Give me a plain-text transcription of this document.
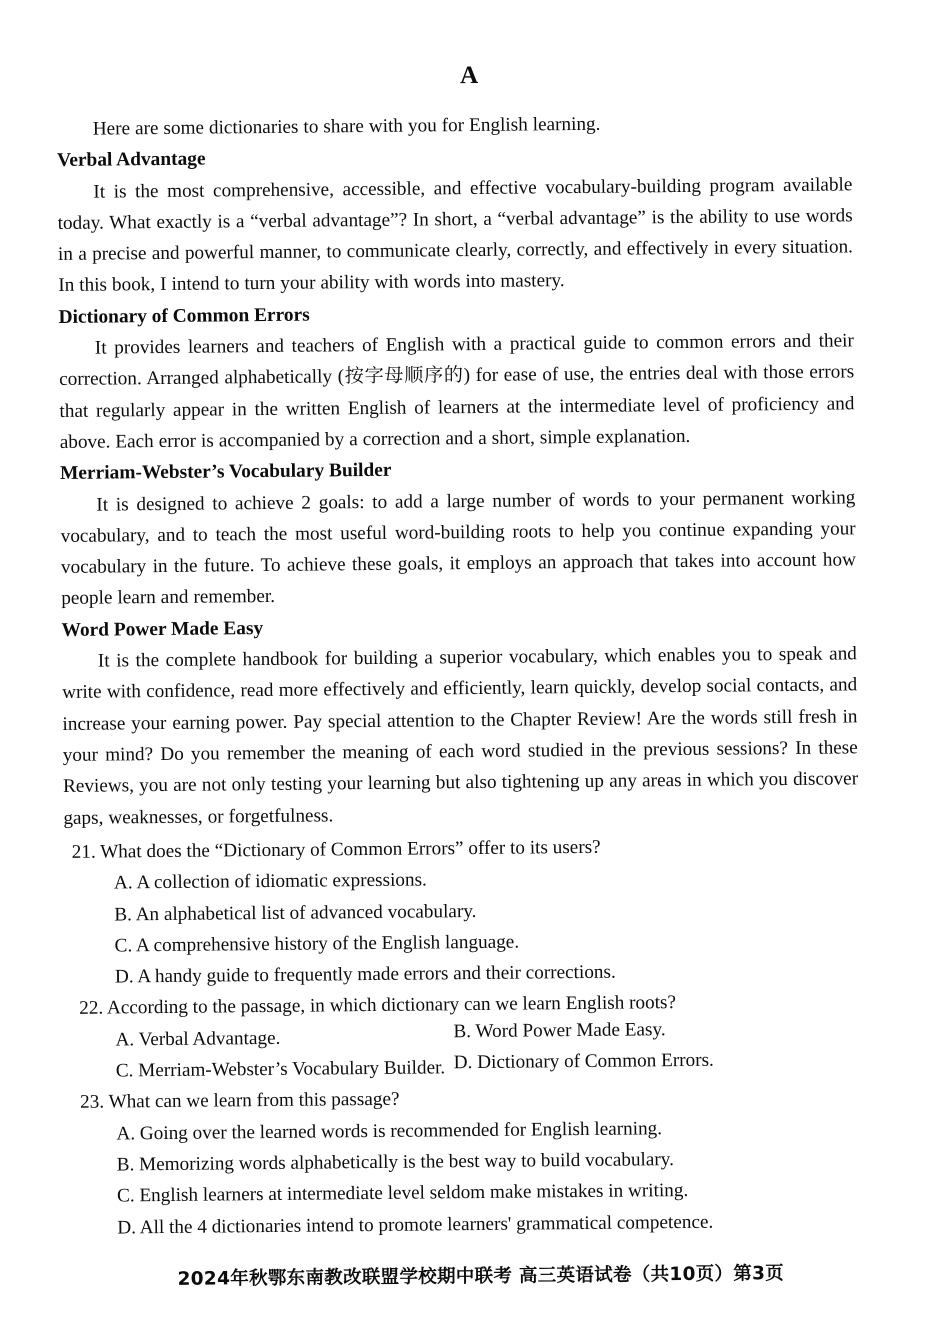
A

Here are some dictionaries to share with you for English learning.

Verbal Advantage

It is the most comprehensive, accessible, and effective vocabulary-building program available today. What exactly is a “verbal advantage”? In short, a “verbal advantage” is the ability to use words in a precise and powerful manner, to communicate clearly, correctly, and effectively in every situation. In this book, I intend to turn your ability with words into mastery.

Dictionary of Common Errors

It provides learners and teachers of English with a practical guide to common errors and their correction. Arranged alphabetically (按字母顺序的) for ease of use, the entries deal with those errors that regularly appear in the written English of learners at the intermediate level of proficiency and above. Each error is accompanied by a correction and a short, simple explanation.

Merriam-Webster’s Vocabulary Builder

It is designed to achieve 2 goals: to add a large number of words to your permanent working vocabulary, and to teach the most useful word-building roots to help you continue expanding your vocabulary in the future. To achieve these goals, it employs an approach that takes into account how people learn and remember.

Word Power Made Easy

It is the complete handbook for building a superior vocabulary, which enables you to speak and write with confidence, read more effectively and efficiently, learn quickly, develop social contacts, and increase your earning power. Pay special attention to the Chapter Review! Are the words still fresh in your mind? Do you remember the meaning of each word studied in the previous sessions? In these Reviews, you are not only testing your learning but also tightening up any areas in which you discover gaps, weaknesses, or forgetfulness.

21. What does the “Dictionary of Common Errors” offer to its users?

A. A collection of idiomatic expressions.

B. An alphabetical list of advanced vocabulary.

C. A comprehensive history of the English language.

D. A handy guide to frequently made errors and their corrections.

22. According to the passage, in which dictionary can we learn English roots?

A. Verbal Advantage.	B. Word Power Made Easy.
C. Merriam-Webster’s Vocabulary Builder. D. Dictionary of Common Errors.

23. What can we learn from this passage?

A. Going over the learned words is recommended for English learning.

B. Memorizing words alphabetically is the best way to build vocabulary.

C. English learners at intermediate level seldom make mistakes in writing.

D. All the 4 dictionaries intend to promote learners' grammatical competence.

2024年秋鄂东南教改联盟学校期中联考 高三英语试卷（共10页）第3页
